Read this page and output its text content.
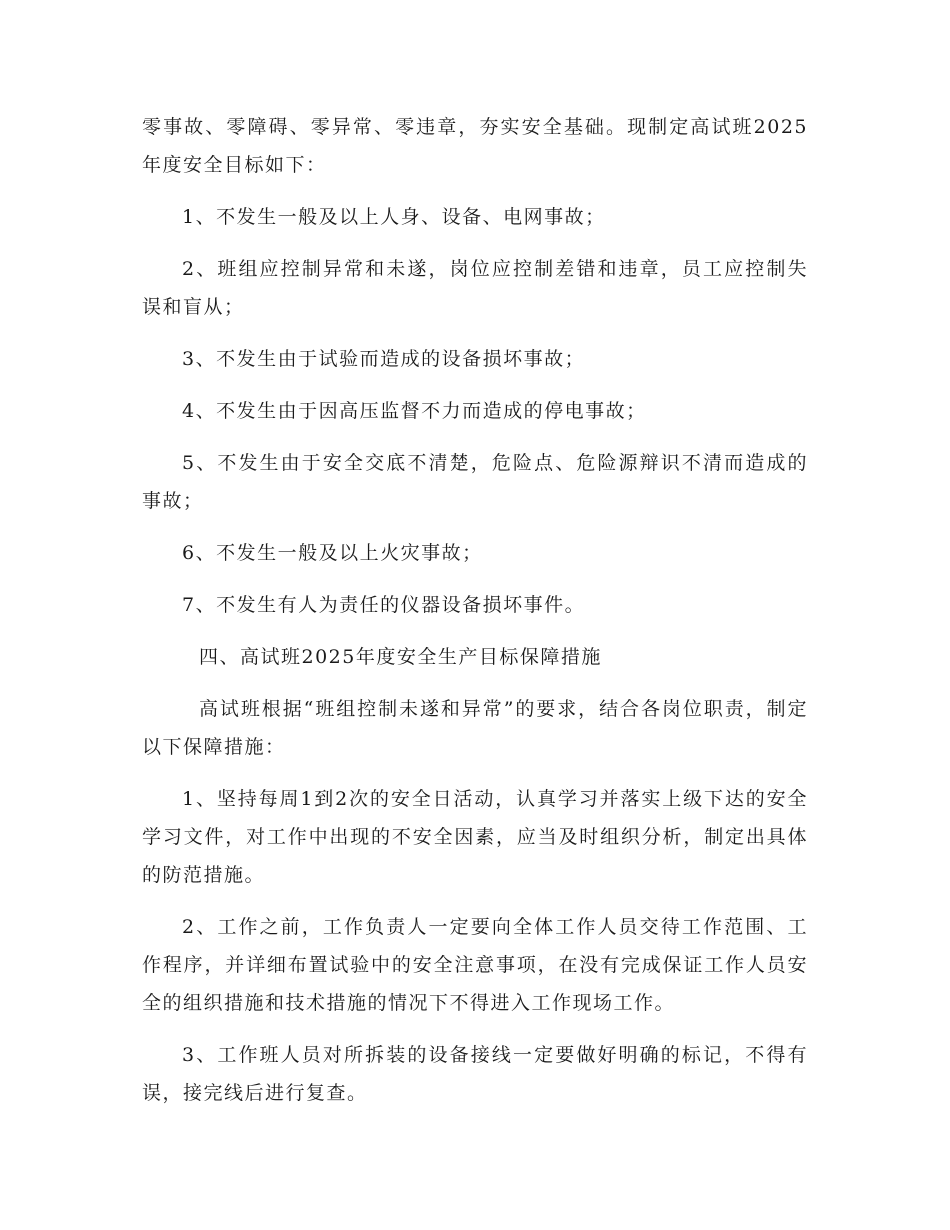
零事故、零障碍、零异常、零违章，夯实安全基础。现制定高试班2025年度安全目标如下：

1、不发生一般及以上人身、设备、电网事故；

2、班组应控制异常和未遂，岗位应控制差错和违章，员工应控制失误和盲从；

3、不发生由于试验而造成的设备损坏事故；

4、不发生由于因高压监督不力而造成的停电事故；

5、不发生由于安全交底不清楚，危险点、危险源辩识不清而造成的事故；

6、不发生一般及以上火灾事故；

7、不发生有人为责任的仪器设备损坏事件。

四、高试班2025年度安全生产目标保障措施

高试班根据“班组控制未遂和异常”的要求，结合各岗位职责，制定以下保障措施：

1、坚持每周1到2次的安全日活动，认真学习并落实上级下达的安全学习文件，对工作中出现的不安全因素，应当及时组织分析，制定出具体的防范措施。

2、工作之前，工作负责人一定要向全体工作人员交待工作范围、工作程序，并详细布置试验中的安全注意事项，在没有完成保证工作人员安全的组织措施和技术措施的情况下不得进入工作现场工作。

3、工作班人员对所拆装的设备接线一定要做好明确的标记，不得有误，接完线后进行复查。
